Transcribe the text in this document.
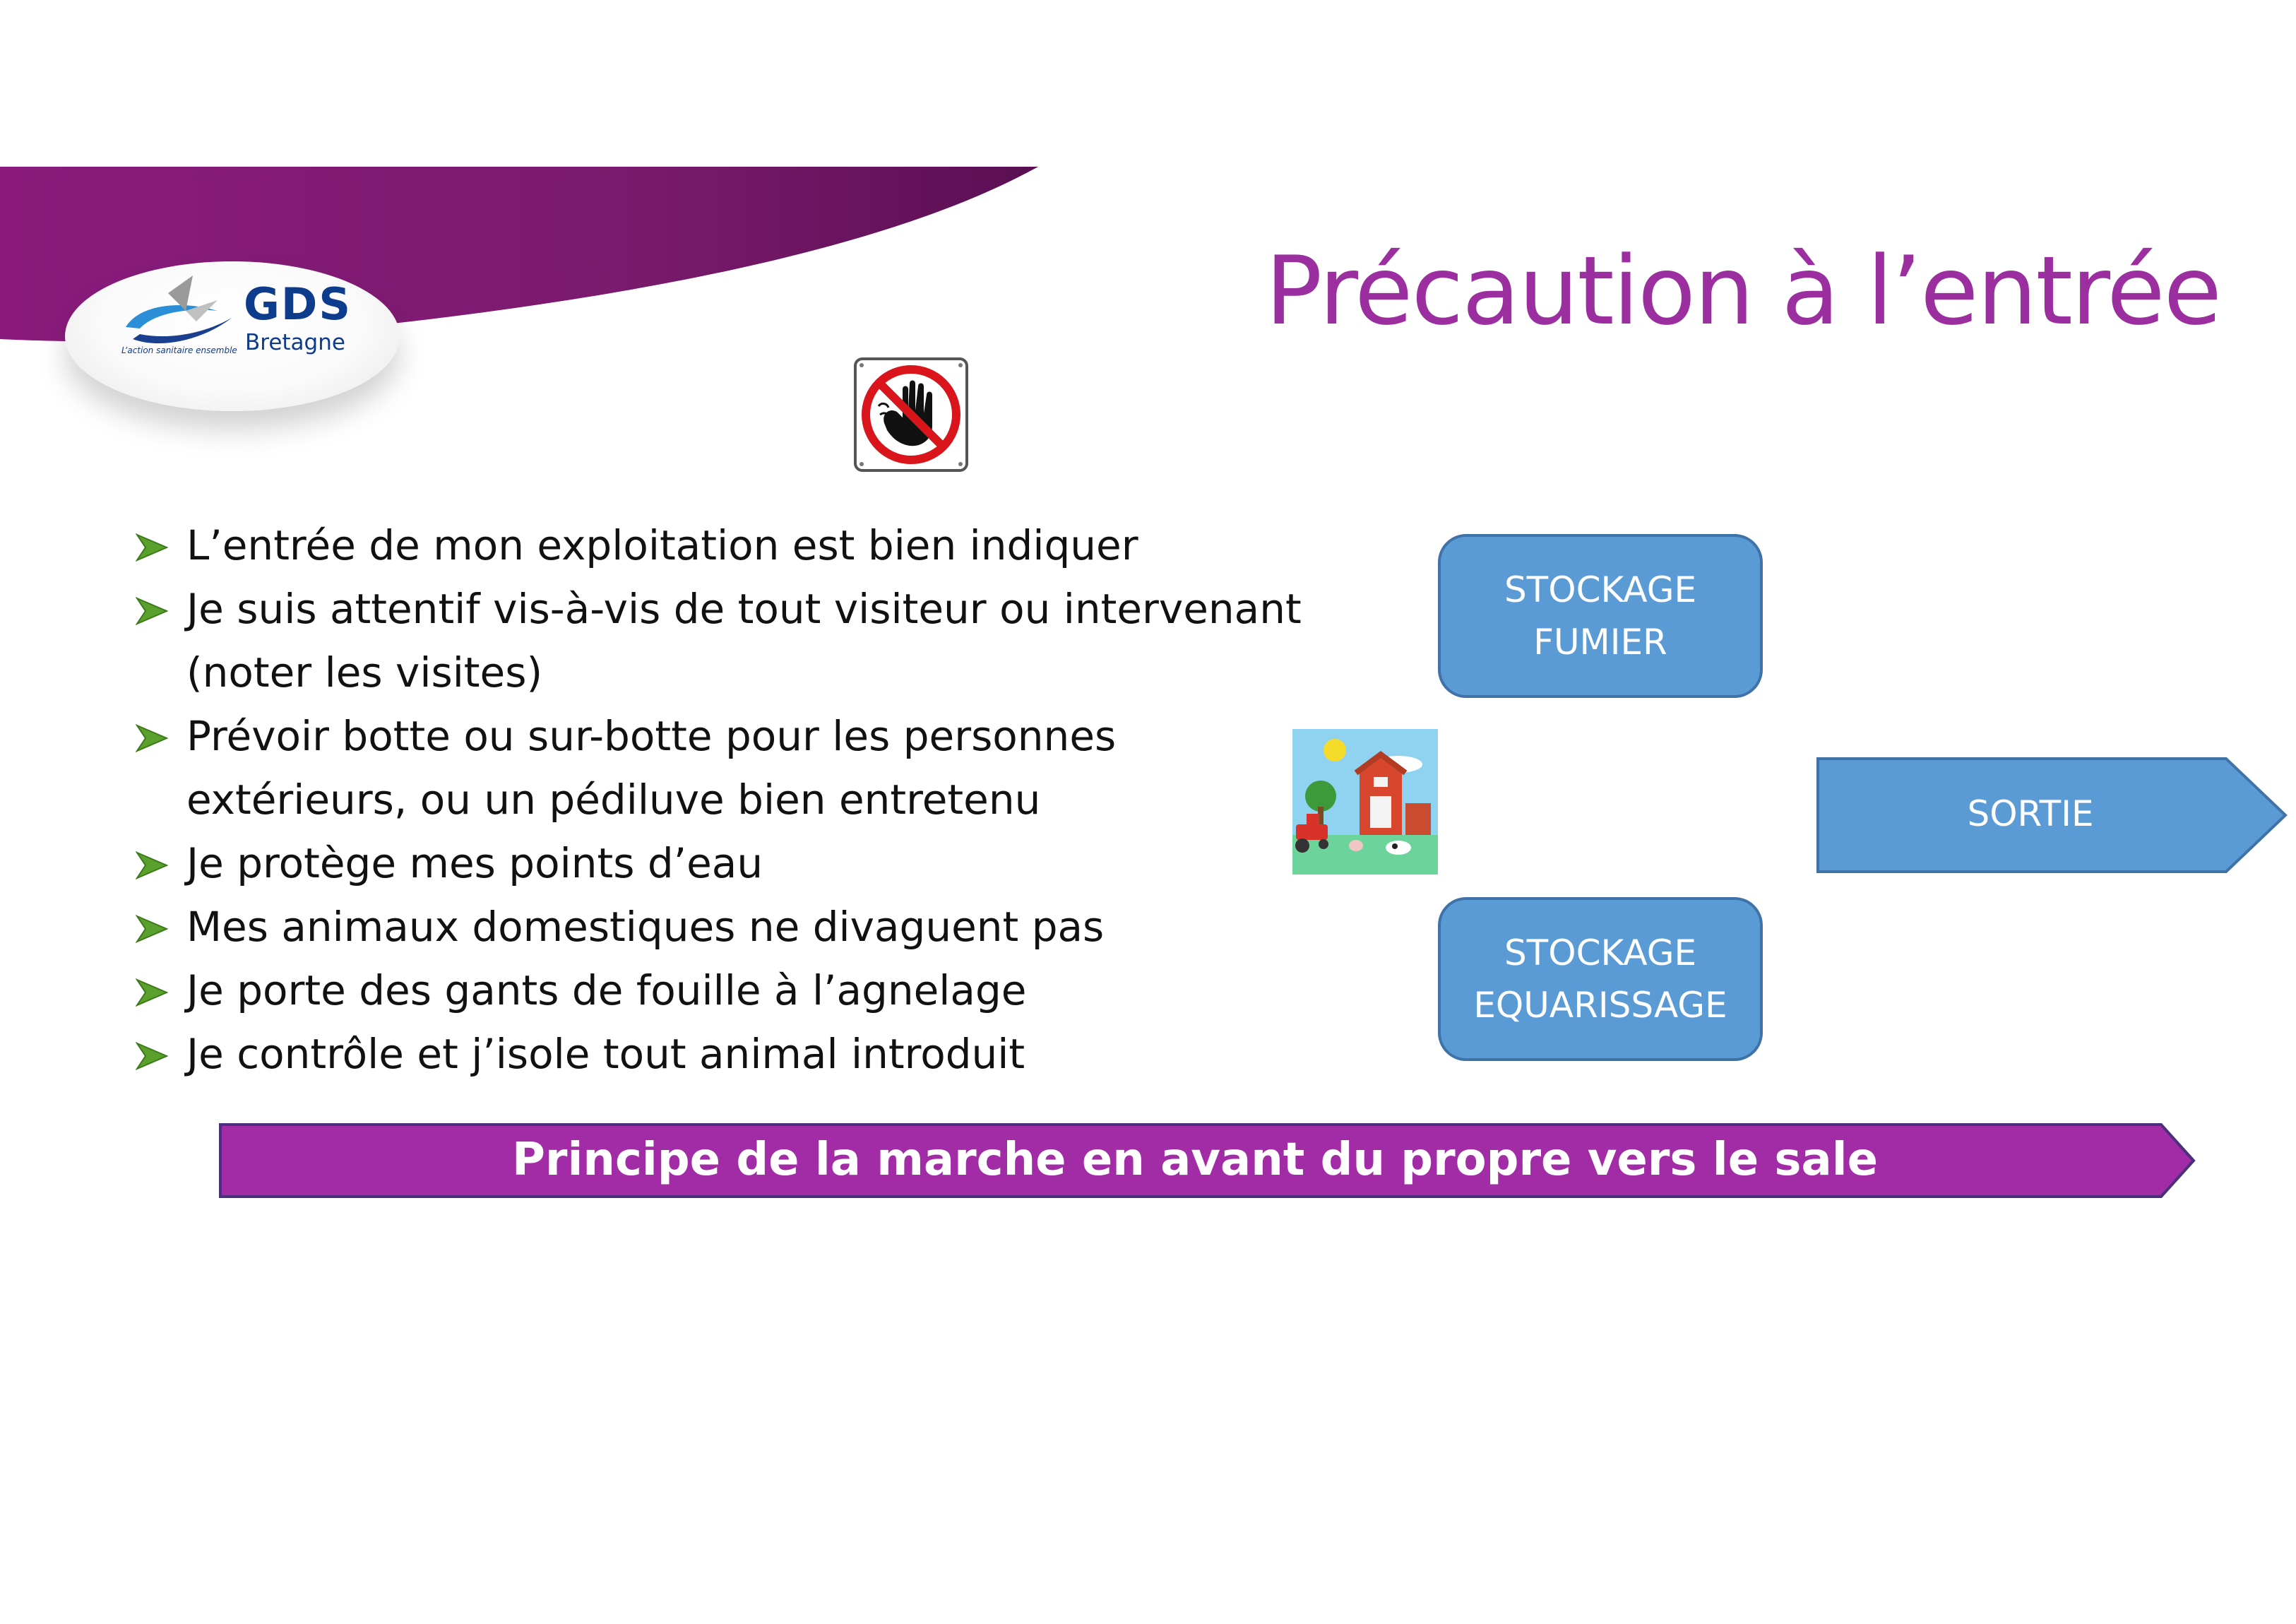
GDS
Bretagne
L’action sanitaire ensemble
Précaution à l’entrée
L’entrée de mon exploitation est bien indiquer
Je suis attentif vis-à-vis de tout visiteur ou intervenant (noter les visites)
Prévoir botte ou sur-botte pour les personnes extérieurs, ou un pédiluve bien entretenu
Je protège mes points d’eau
Mes animaux domestiques ne divaguent pas
Je porte des gants de fouille à l’agnelage
Je contrôle et j’isole tout animal introduit
STOCKAGE
FUMIER
STOCKAGE
EQUARISSAGE
SORTIE
Principe de la marche en avant du propre vers le sale
